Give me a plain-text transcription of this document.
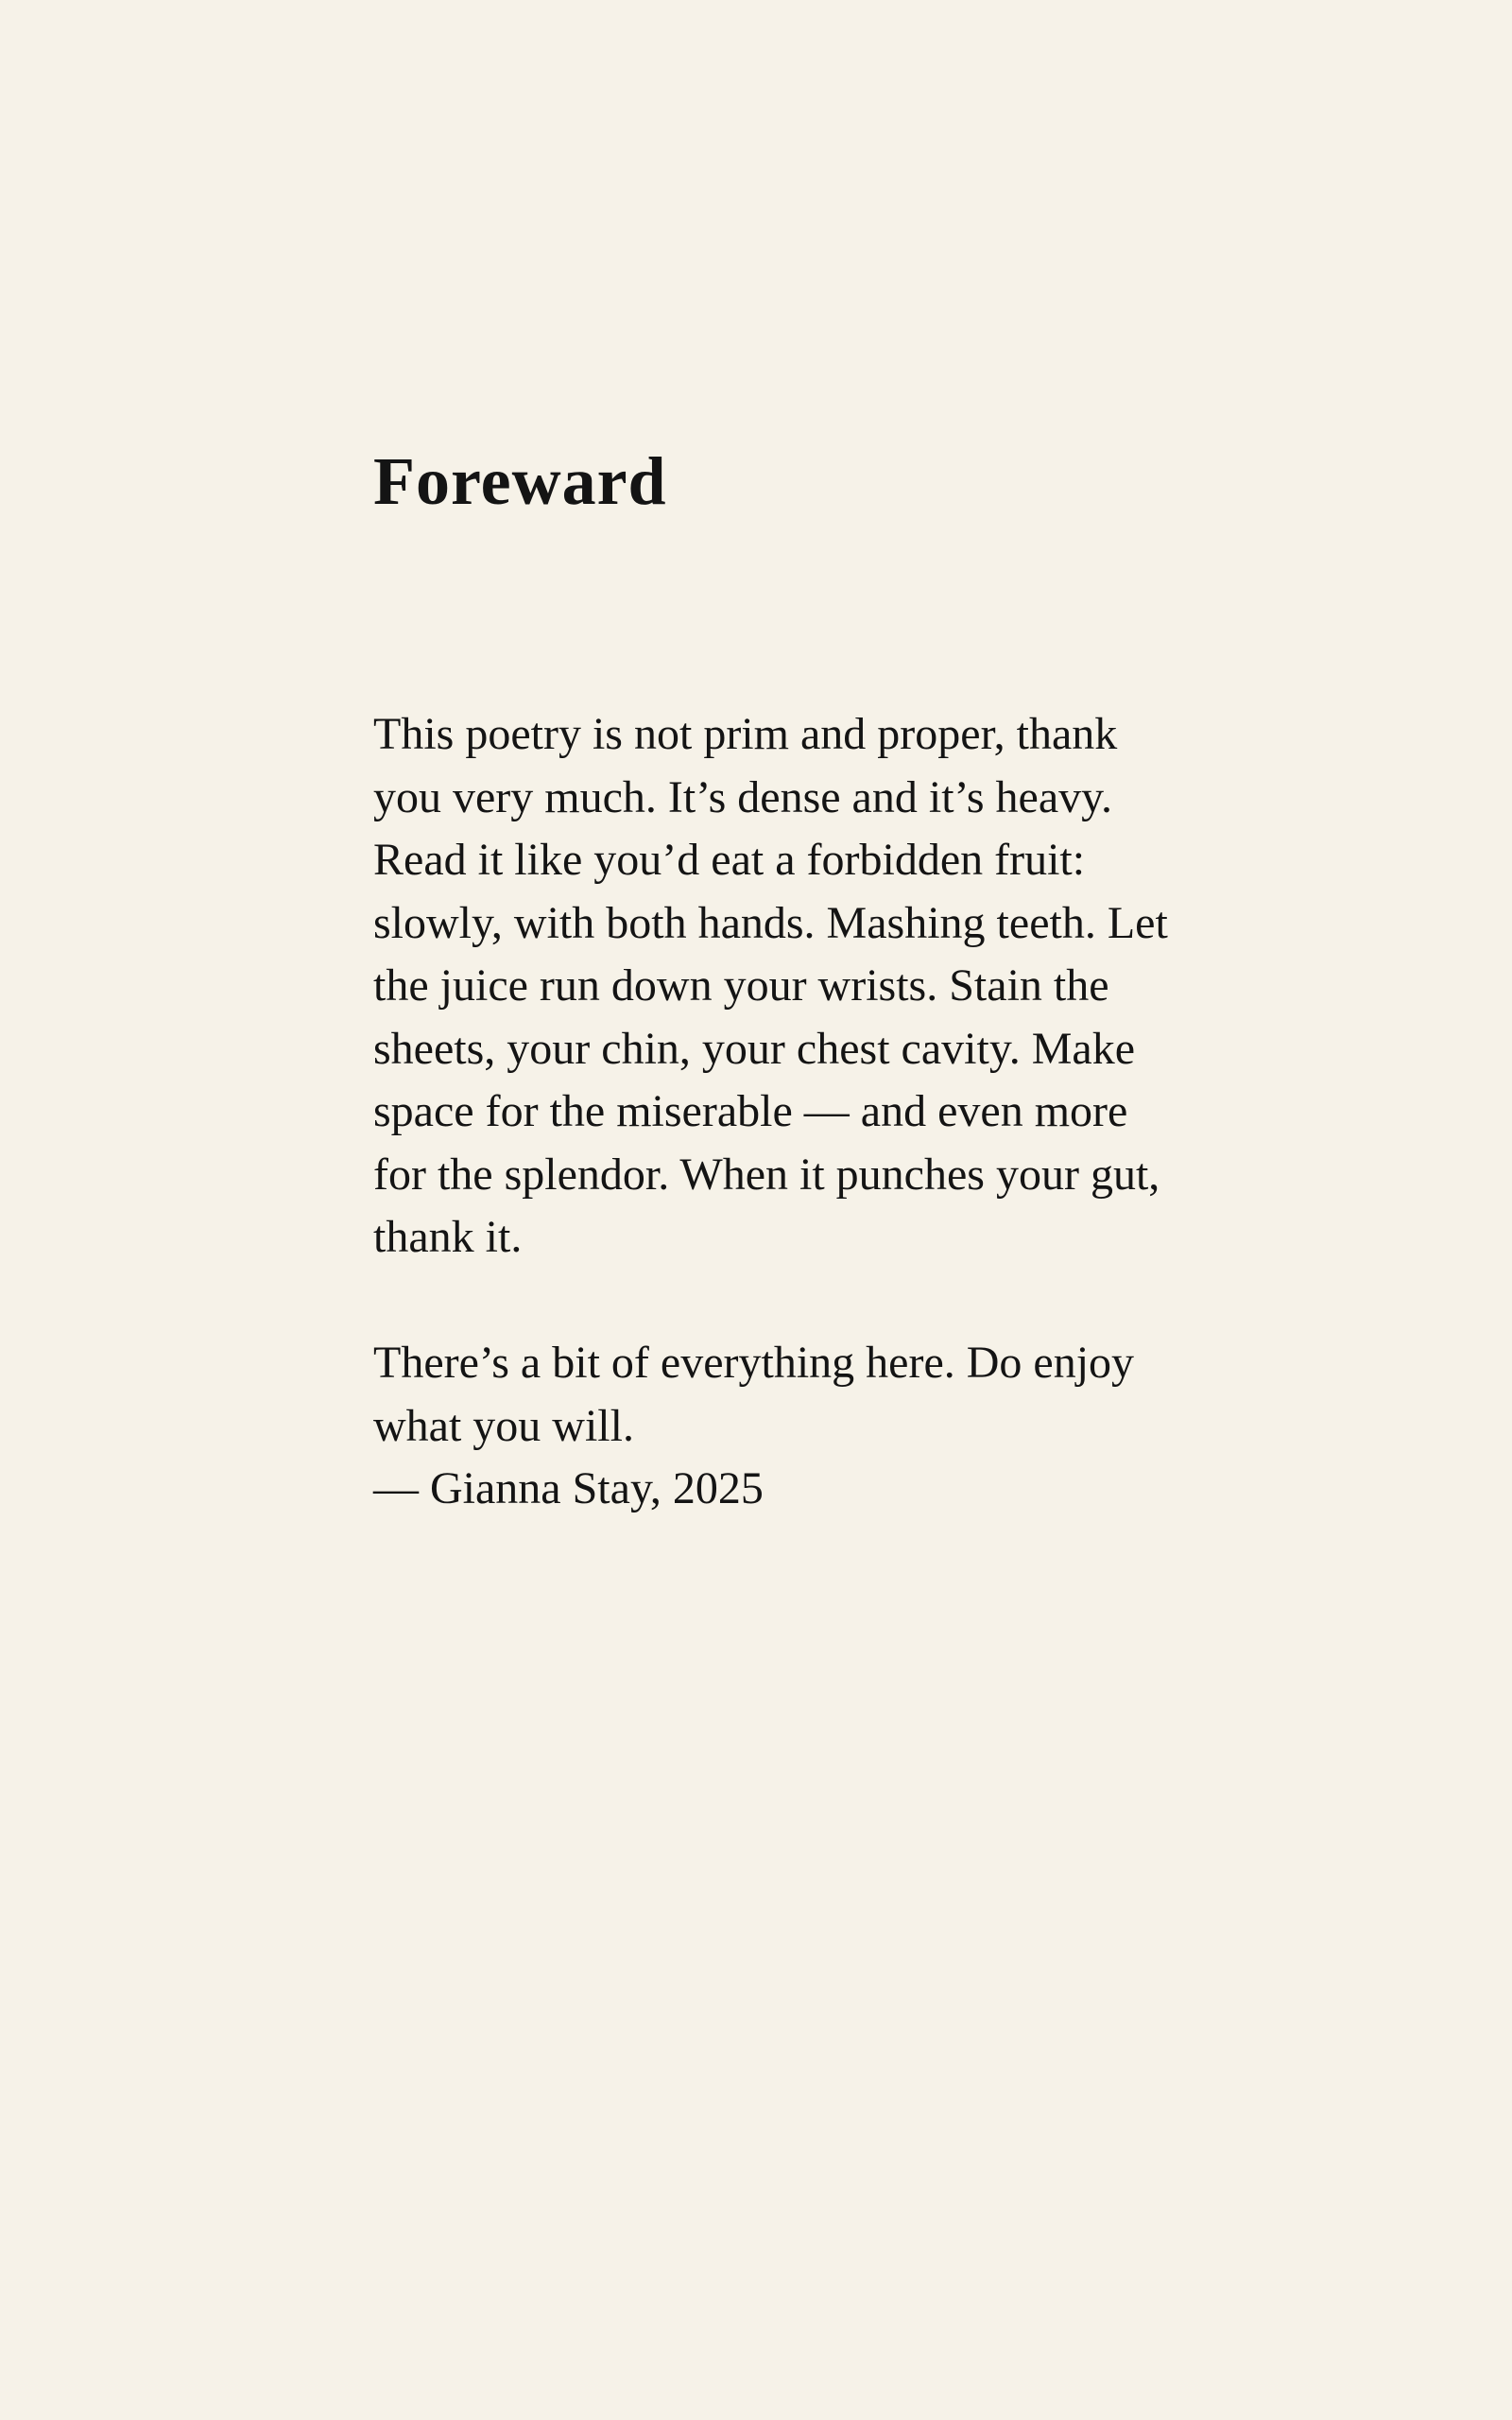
Foreward
This poetry is not prim and proper, thank
you very much. It’s dense and it’s heavy.
Read it like you’d eat a forbidden fruit:
slowly, with both hands. Mashing teeth. Let
the juice run down your wrists. Stain the
sheets, your chin, your chest cavity. Make
space for the miserable — and even more
for the splendor. When it punches your gut,
thank it.
There’s a bit of everything here. Do enjoy
what you will.
— Gianna Stay, 2025
